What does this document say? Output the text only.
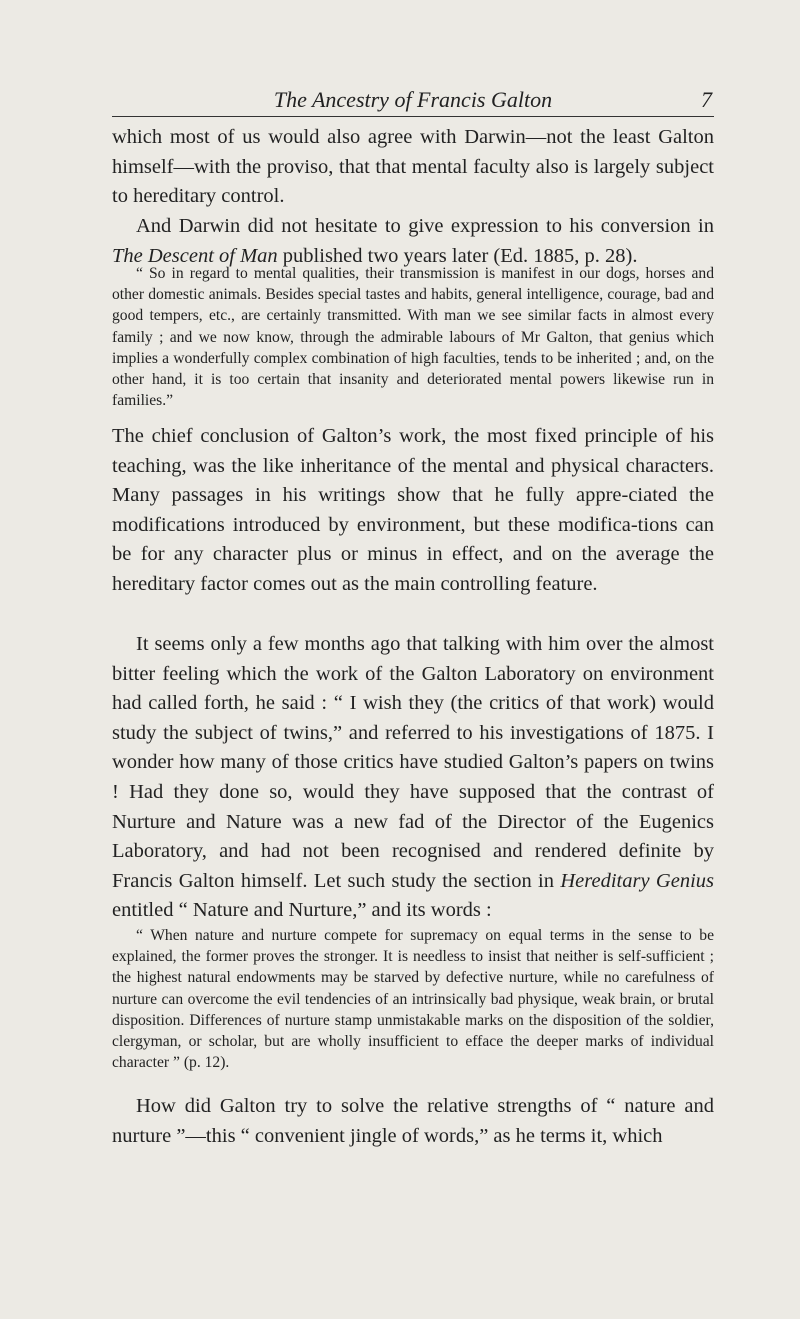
The Ancestry of Francis Galton	7

which most of us would also agree with Darwin—not the least Galton himself—with the proviso, that that mental faculty also is largely subject to hereditary control.

And Darwin did not hesitate to give expression to his conversion in The Descent of Man published two years later (Ed. 1885, p. 28).

“ So in regard to mental qualities, their transmission is manifest in our dogs, horses and other domestic animals. Besides special tastes and habits, general intelligence, courage, bad and good tempers, etc., are certainly transmitted. With man we see similar facts in almost every family ; and we now know, through the admirable labours of Mr Galton, that genius which implies a wonderfully complex combination of high faculties, tends to be inherited ; and, on the other hand, it is too certain that insanity and deteriorated mental powers likewise run in families.”

The chief conclusion of Galton’s work, the most fixed principle of his teaching, was the like inheritance of the mental and physical characters. Many passages in his writings show that he fully appre-ciated the modifications introduced by environment, but these modifica-tions can be for any character plus or minus in effect, and on the average the hereditary factor comes out as the main controlling feature.

It seems only a few months ago that talking with him over the almost bitter feeling which the work of the Galton Laboratory on environment had called forth, he said : “ I wish they (the critics of that work) would study the subject of twins,” and referred to his investigations of 1875. I wonder how many of those critics have studied Galton’s papers on twins ! Had they done so, would they have supposed that the contrast of Nurture and Nature was a new fad of the Director of the Eugenics Laboratory, and had not been recognised and rendered definite by Francis Galton himself. Let such study the section in Hereditary Genius entitled “ Nature and Nurture,” and its words :

“ When nature and nurture compete for supremacy on equal terms in the sense to be explained, the former proves the stronger. It is needless to insist that neither is self-sufficient ; the highest natural endowments may be starved by defective nurture, while no carefulness of nurture can overcome the evil tendencies of an intrinsically bad physique, weak brain, or brutal disposition. Differences of nurture stamp unmistakable marks on the disposition of the soldier, clergyman, or scholar, but are wholly insufficient to efface the deeper marks of individual character ” (p. 12).

How did Galton try to solve the relative strengths of “ nature and nurture ”—this “ convenient jingle of words,” as he terms it, which
